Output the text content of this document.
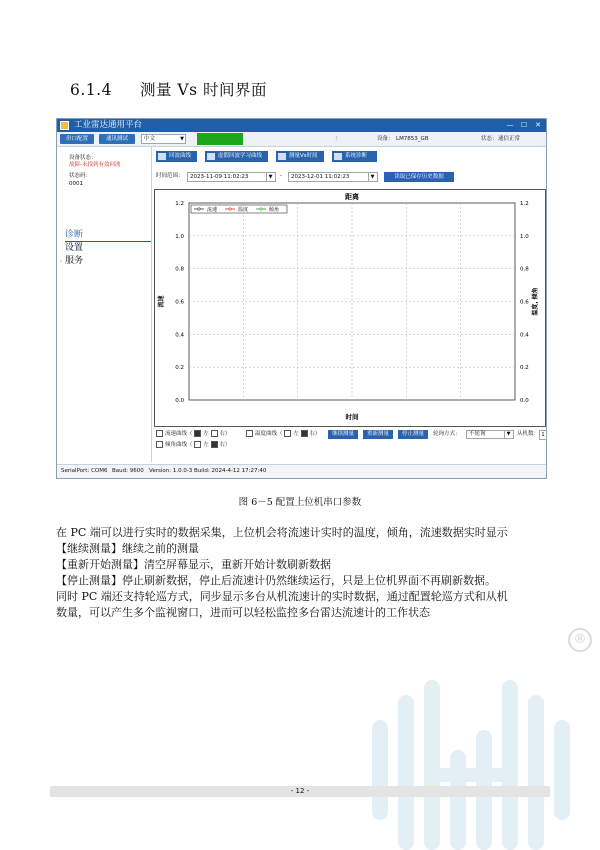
6.1.4 测量 Vs 时间界面
工业雷达通用平台	—	☐	✕
串口配置	通讯测试	中文	▼	ᛒ	设备： LM7853_GB	状态： 通信正常
设备状态：
故障-未找到有效回波
状态码：
0001
诊断
设置
服务
›
回波曲线	虚假回波学习曲线	测量Vs时间	系统诊断
时间范围：	2023-11-09 11:02:23	▼ -	2023-12-01 11:02:23	▼	读取已保存历史数据
距离
0.0	0.0
0.2	0.2
0.4	0.4
0.6	0.6
0.8	0.8
1.0	1.0
1.2	1.2
时间
流速	温度, 倾角
流速	温度	倾角
流速曲线（ 左 右）	温度曲线（ 左 右）	继续测量	重新测量	停止测量	轮询方式：	不轮询	▼ 从机数：
倾角曲线（ 左 右）
1
SerialPort: COM6 Baud: 9600 Version: 1.0.0-3 Build: 2024-4-12 17:27:40
图 6－5 配置上位机串口参数
在 PC 端可以进行实时的数据采集，上位机会将流速计实时的温度，倾角，流速数据实时显示
【继续测量】继续之前的测量
【重新开始测量】清空屏幕显示，重新开始计数刷新数据
【停止测量】停止刷新数据，停止后流速计仍然继续运行，只是上位机界面不再刷新数据。
同时 PC 端还支持轮巡方式，同步显示多台从机流速计的实时数据，通过配置轮巡方式和从机
数量，可以产生多个监视窗口，进而可以轻松监控多台雷达流速计的工作状态
®
- 12 -
